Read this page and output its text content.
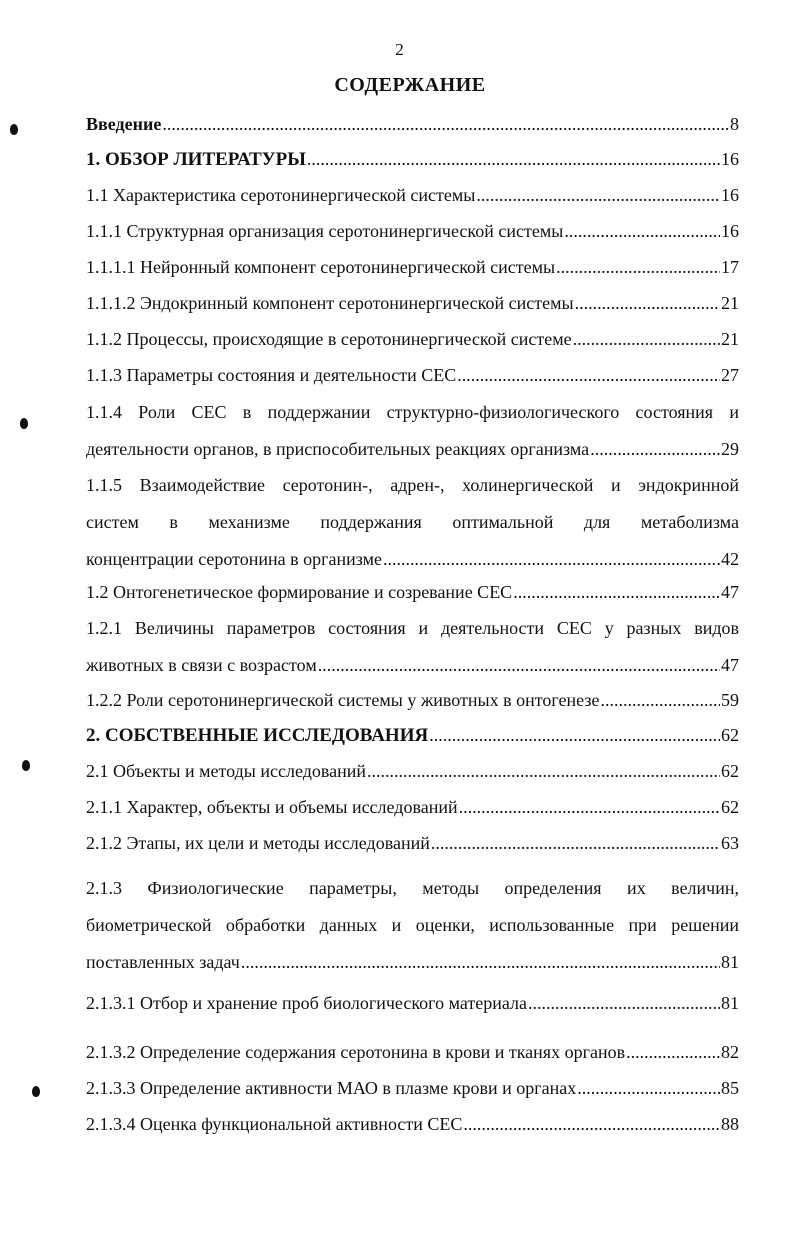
2
СОДЕРЖАНИЕ
Введение .....	8
1. ОБЗОР ЛИТЕРАТУРЫ .....	16
1.1 Характеристика серотонинергической системы .....	16
1.1.1 Структурная организация серотонинергической системы .....	16
1.1.1.1 Нейронный компонент серотонинергической системы .....	17
1.1.1.2 Эндокринный компонент серотонинергической системы .....	21
1.1.2 Процессы, происходящие в серотонинергической системе .....	21
1.1.3 Параметры состояния и деятельности СЕС .....	27
1.1.4 Роли СЕС в поддержании структурно-физиологического состояния и
деятельности органов, в приспособительных реакциях организма .....	29
1.1.5 Взаимодействие серотонин-, адрен-, холинергической и эндокринной
систем в механизме поддержания оптимальной для метаболизма
концентрации серотонина в организме .....	.42
1.2 Онтогенетическое формирование и созревание СЕС .....	47
1.2.1 Величины параметров состояния и деятельности СЕС у разных видов
животных в связи с возрастом .....	47
1.2.2 Роли серотонинергической системы у животных в онтогенезе .....	59
2. СОБСТВЕННЫЕ ИССЛЕДОВАНИЯ .....	62
2.1 Объекты и методы исследований .....	62
2.1.1 Характер, объекты и объемы исследований .....	62
2.1.2 Этапы, их цели и методы исследований .....	63
2.1.3 Физиологические параметры, методы определения их величин,
биометрической обработки данных и оценки, использованные при решении
поставленных задач .....	81
2.1.3.1 Отбор и хранение проб биологического материала .....	81
2.1.3.2 Определение содержания серотонина в крови и тканях органов .....	82
2.1.3.3 Определение активности МАО в плазме крови и органах .....	85
2.1.3.4 Оценка функциональной активности СЕС .....	88
